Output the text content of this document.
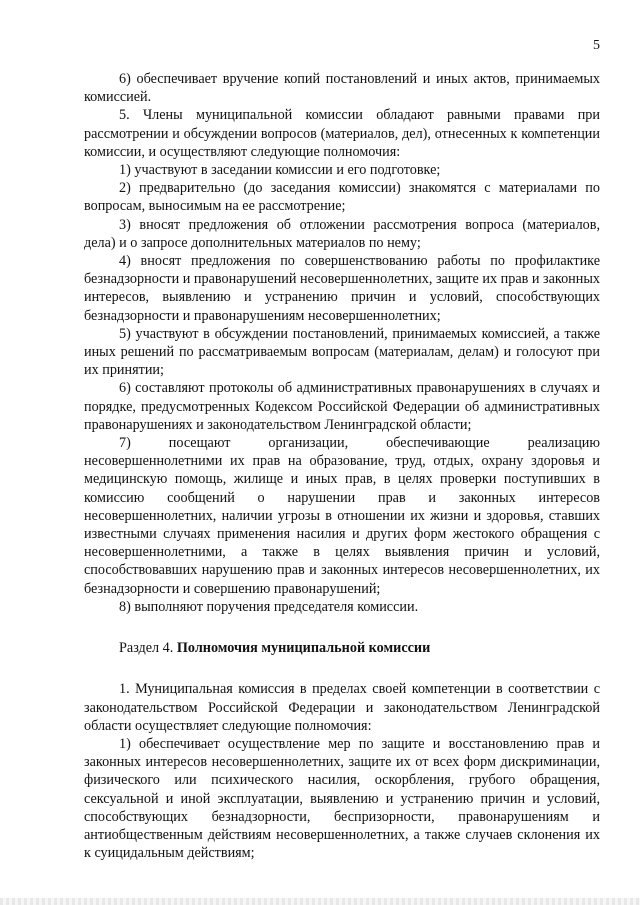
5

6) обеспечивает вручение копий постановлений и иных актов, принимаемых комиссией.

5. Члены муниципальной комиссии обладают равными правами при рассмотрении и обсуждении вопросов (материалов, дел), отнесенных к компетенции комиссии, и осуществляют следующие полномочия:

1) участвуют в заседании комиссии и его подготовке;

2) предварительно (до заседания комиссии) знакомятся с материалами по вопросам, выносимым на ее рассмотрение;

3) вносят предложения об отложении рассмотрения вопроса (материалов, дела) и о запросе дополнительных материалов по нему;

4) вносят предложения по совершенствованию работы по профилактике безнадзорности и правонарушений несовершеннолетних, защите их прав и законных интересов, выявлению и устранению причин и условий, способствующих безнадзорности и правонарушениям несовершеннолетних;

5) участвуют в обсуждении постановлений, принимаемых комиссией, а также иных решений по рассматриваемым вопросам (материалам, делам) и голосуют при их принятии;

6) составляют протоколы об административных правонарушениях в случаях и порядке, предусмотренных Кодексом Российской Федерации об административных правонарушениях и законодательством Ленинградской области;

7) посещают организации, обеспечивающие реализацию несовершеннолетними их прав на образование, труд, отдых, охрану здоровья и медицинскую помощь, жилище и иных прав, в целях проверки поступивших в комиссию сообщений о нарушении прав и законных интересов несовершеннолетних, наличии угрозы в отношении их жизни и здоровья, ставших известными случаях применения насилия и других форм жестокого обращения с несовершеннолетними, а также в целях выявления причин и условий, способствовавших нарушению прав и законных интересов несовершеннолетних, их безнадзорности и совершению правонарушений;

8) выполняют поручения председателя комиссии.

Раздел 4. Полномочия муниципальной комиссии

1. Муниципальная комиссия в пределах своей компетенции в соответствии с законодательством Российской Федерации и законодательством Ленинградской области осуществляет следующие полномочия:

1) обеспечивает осуществление мер по защите и восстановлению прав и законных интересов несовершеннолетних, защите их от всех форм дискриминации, физического или психического насилия, оскорбления, грубого обращения, сексуальной и иной эксплуатации, выявлению и устранению причин и условий, способствующих безнадзорности, беспризорности, правонарушениям и антиобщественным действиям несовершеннолетних, а также случаев склонения их к суицидальным действиям;
